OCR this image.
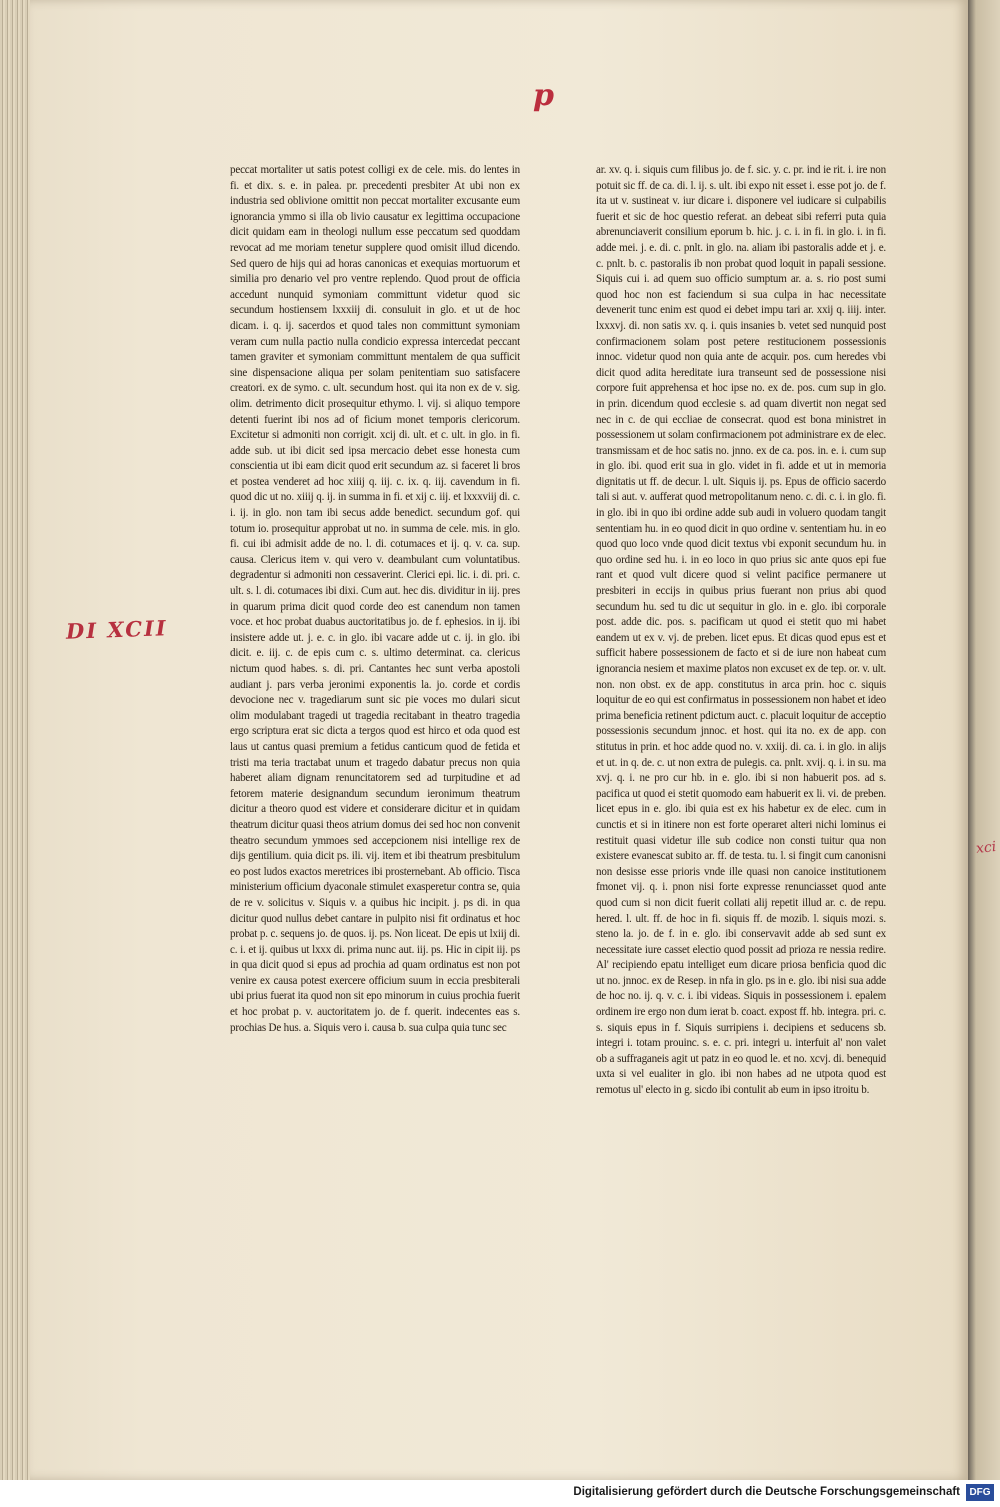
xci
p
DI XCII

peccat mortaliter ut satis potest colligi ex de cele. mis. do lentes in fi. et dix. s. e. in palea. pr. precedenti presbiter At ubi non ex industria sed oblivione omittit non peccat mortaliter excusante eum ignorancia ymmo si illa ob livio causatur ex legittima occupacione dicit quidam eam in theologi nullum esse peccatum sed quoddam revocat ad me moriam tenetur supplere quod omisit illud dicendo. Sed quero de hijs qui ad horas canonicas et exequias mortuorum et similia pro denario vel pro ventre replendo. Quod prout de officia accedunt nunquid symoniam committunt videtur quod sic secundum hostiensem lxxxiij di. consuluit in glo. et ut de hoc dicam. i. q. ij. sacerdos et quod tales non committunt symoniam veram cum nulla pactio nulla condicio expressa intercedat peccant tamen graviter et symoniam committunt mentalem de qua sufficit sine dispensacione aliqua per solam penitentiam suo satisfacere creatori. ex de symo. c. ult. secundum host. qui ita non ex de v. sig. olim. detrimento dicit prosequitur ethymo. l. vij. si aliquo tempore detenti fuerint ibi nos ad of ficium monet temporis clericorum. Excitetur si admoniti non corrigit. xcij di. ult. et c. ult. in glo. in fi. adde sub. ut ibi dicit sed ipsa mercacio debet esse honesta cum conscientia ut ibi eam dicit quod erit secundum az. si faceret li bros et postea venderet ad hoc xiiij q. iij. c. ix. q. iij. cavendum in fi. quod dic ut no. xiiij q. ij. in summa in fi. et xij c. iij. et lxxxviij di. c. i. ij. in glo. non tam ibi secus adde benedict. secundum gof. qui totum io. prosequitur approbat ut no. in summa de cele. mis. in glo. fi. cui ibi admisit adde de no. l. di. cotumaces et ij. q. v. ca. sup. causa. Clericus item v. qui vero v. deambulant cum voluntatibus. degradentur si admoniti non cessaverint. Clerici epi. lic. i. di. pri. c. ult. s. l. di. cotumaces ibi dixi. Cum aut. hec dis. dividitur in iij. pres in quarum prima dicit quod corde deo est canendum non tamen voce. et hoc probat duabus auctoritatibus jo. de f. ephesios. in ij. ibi insistere adde ut. j. e. c. in glo. ibi vacare adde ut c. ij. in glo. ibi dicit. e. iij. c. de epis cum c. s. ultimo determinat. ca. clericus nictum quod habes. s. di. pri. Cantantes hec sunt verba apostoli audiant j. pars verba jeronimi exponentis la. jo. corde et cordis devocione nec v. tragediarum sunt sic pie voces mo dulari sicut olim modulabant tragedi ut tragedia recitabant in theatro tragedia ergo scriptura erat sic dicta a tergos quod est hirco et oda quod est laus ut cantus quasi premium a fetidus canticum quod de fetida et tristi ma teria tractabat unum et tragedo dabatur precus non quia haberet aliam dignam renuncitatorem sed ad turpitudine et ad fetorem materie designandum secundum ieronimum theatrum dicitur a theoro quod est videre et considerare dicitur et in quidam theatrum dicitur quasi theos atrium domus dei sed hoc non convenit theatro secundum ymmoes sed accepcionem nisi intellige rex de dijs gentilium. quia dicit ps. ili. vij. item et ibi theatrum presbitulum eo post ludos exactos meretrices ibi prosternebant. Ab officio. Tisca ministerium officium dyaconale stimulet exasperetur contra se, quia de re v. solicitus v. Siquis v. a quibus hic incipit. j. ps di. in qua dicitur quod nullus debet cantare in pulpito nisi fit ordinatus et hoc probat p. c. sequens jo. de quos. ij. ps. Non liceat. De epis ut lxiij di. c. i. et ij. quibus ut lxxx di. prima nunc aut. iij. ps. Hic in cipit iij. ps in qua dicit quod si epus ad prochia ad quam ordinatus est non pot venire ex causa potest exercere officium suum in eccia presbiterali ubi prius fuerat ita quod non sit epo minorum in cuius prochia fuerit et hoc probat p. v. auctoritatem jo. de f. querit. indecentes eas s. prochias De hus. a. Siquis vero i. causa b. sua culpa quia tunc sec

ar. xv. q. i. siquis cum filibus jo. de f. sic. y. c. pr. ind ie rit. i. ire non potuit sic ff. de ca. di. l. ij. s. ult. ibi expo nit esset i. esse pot jo. de f. ita ut v. sustineat v. iur dicare i. disponere vel iudicare si culpabilis fuerit et sic de hoc questio referat. an debeat sibi referri puta quia abrenunciaverit consilium eporum b. hic. j. c. i. in fi. in glo. i. in fi. adde mei. j. e. di. c. pnlt. in glo. na. aliam ibi pastoralis adde et j. e. c. pnlt. b. c. pastoralis ib non probat quod loquit in papali sessione. Siquis cui i. ad quem suo officio sumptum ar. a. s. rio post sumi quod hoc non est faciendum si sua culpa in hac necessitate devenerit tunc enim est quod ei debet impu tari ar. xxij q. iiij. inter. lxxxvj. di. non satis xv. q. i. quis insanies b. vetet sed nunquid post confirmacionem solam post petere restitucionem possessionis innoc. videtur quod non quia ante de acquir. pos. cum heredes vbi dicit quod adita hereditate iura transeunt sed de possessione nisi corpore fuit apprehensa et hoc ipse no. ex de. pos. cum sup in glo. in prin. dicendum quod ecclesie s. ad quam divertit non negat sed nec in c. de qui eccliae de consecrat. quod est bona ministret in possessionem ut solam confirmacionem pot administrare ex de elec. transmissam et de hoc satis no. jnno. ex de ca. pos. in. e. i. cum sup in glo. ibi. quod erit sua in glo. videt in fi. adde et ut in memoria dignitatis ut ff. de decur. l. ult. Siquis ij. ps. Epus de officio sacerdo tali si aut. v. aufferat quod metropolitanum neno. c. di. c. i. in glo. fi. in glo. ibi in quo ibi ordine adde sub audi in voluero quodam tangit sententiam hu. in eo quod dicit in quo ordine v. sententiam hu. in eo quod quo loco vnde quod dicit textus vbi exponit secundum hu. in quo ordine sed hu. i. in eo loco in quo prius sic ante quos epi fue rant et quod vult dicere quod si velint pacifice permanere ut presbiteri in eccijs in quibus prius fuerant non prius abi quod secundum hu. sed tu dic ut sequitur in glo. in e. glo. ibi corporale post. adde dic. pos. s. pacificam ut quod ei stetit quo mi habet eandem ut ex v. vj. de preben. licet epus. Et dicas quod epus est et sufficit habere possessionem de facto et si de iure non habeat cum ignorancia nesiem et maxime platos non excuset ex de tep. or. v. ult. non. non obst. ex de app. constitutus in arca prin. hoc c. siquis loquitur de eo qui est confirmatus in possessionem non habet et ideo prima beneficia retinent pdictum auct. c. placuit loquitur de acceptio possessionis secundum jnnoc. et host. qui ita no. ex de app. con stitutus in prin. et hoc adde quod no. v. xxiij. di. ca. i. in glo. in alijs et ut. in q. de. c. ut non extra de pulegis. ca. pnlt. xvij. q. i. in su. ma xvj. q. i. ne pro cur hb. in e. glo. ibi si non habuerit pos. ad s. pacifica ut quod ei stetit quomodo eam habuerit ex li. vi. de preben. licet epus in e. glo. ibi quia est ex his habetur ex de elec. cum in cunctis et si in itinere non est forte operaret alteri nichi lominus ei restituit quasi videtur ille sub codice non consti tuitur qua non existere evanescat subito ar. ff. de testa. tu. l. si fingit cum canonisni non desisse esse prioris vnde ille quasi non canoice institutionem fmonet vij. q. i. pnon nisi forte expresse renunciasset quod ante quod cum si non dicit fuerit collati alij repetit illud ar. c. de repu. hered. l. ult. ff. de hoc in fi. siquis ff. de mozib. l. siquis mozi. s. steno la. jo. de f. in e. glo. ibi conservavit adde ab sed sunt ex necessitate iure casset electio quod possit ad prioza re nessia redire. Al' recipiendo epatu intelliget eum dicare priosa benficia quod dic ut no. jnnoc. ex de Resep. in nfa in glo. ps in e. glo. ibi nisi sua adde de hoc no. ij. q. v. c. i. ibi videas. Siquis in possessionem i. epalem ordinem ire ergo non dum ierat b. coact. expost ff. hb. integra. pri. c. s. siquis epus in f. Siquis surripiens i. decipiens et seducens sb. integri i. totam prouinc. s. e. c. pri. integri u. interfuit al' non valet ob a suffraganeis agit ut patz in eo quod le. et no. xcvj. di. benequid uxta si vel eualiter in glo. ibi non habes ad ne utpota quod est remotus ul' electo in g. sicdo ibi contulit ab eum in ipso itroitu b.

Digitalisierung gefördert durch die Deutsche Forschungsgemeinschaft DFG
